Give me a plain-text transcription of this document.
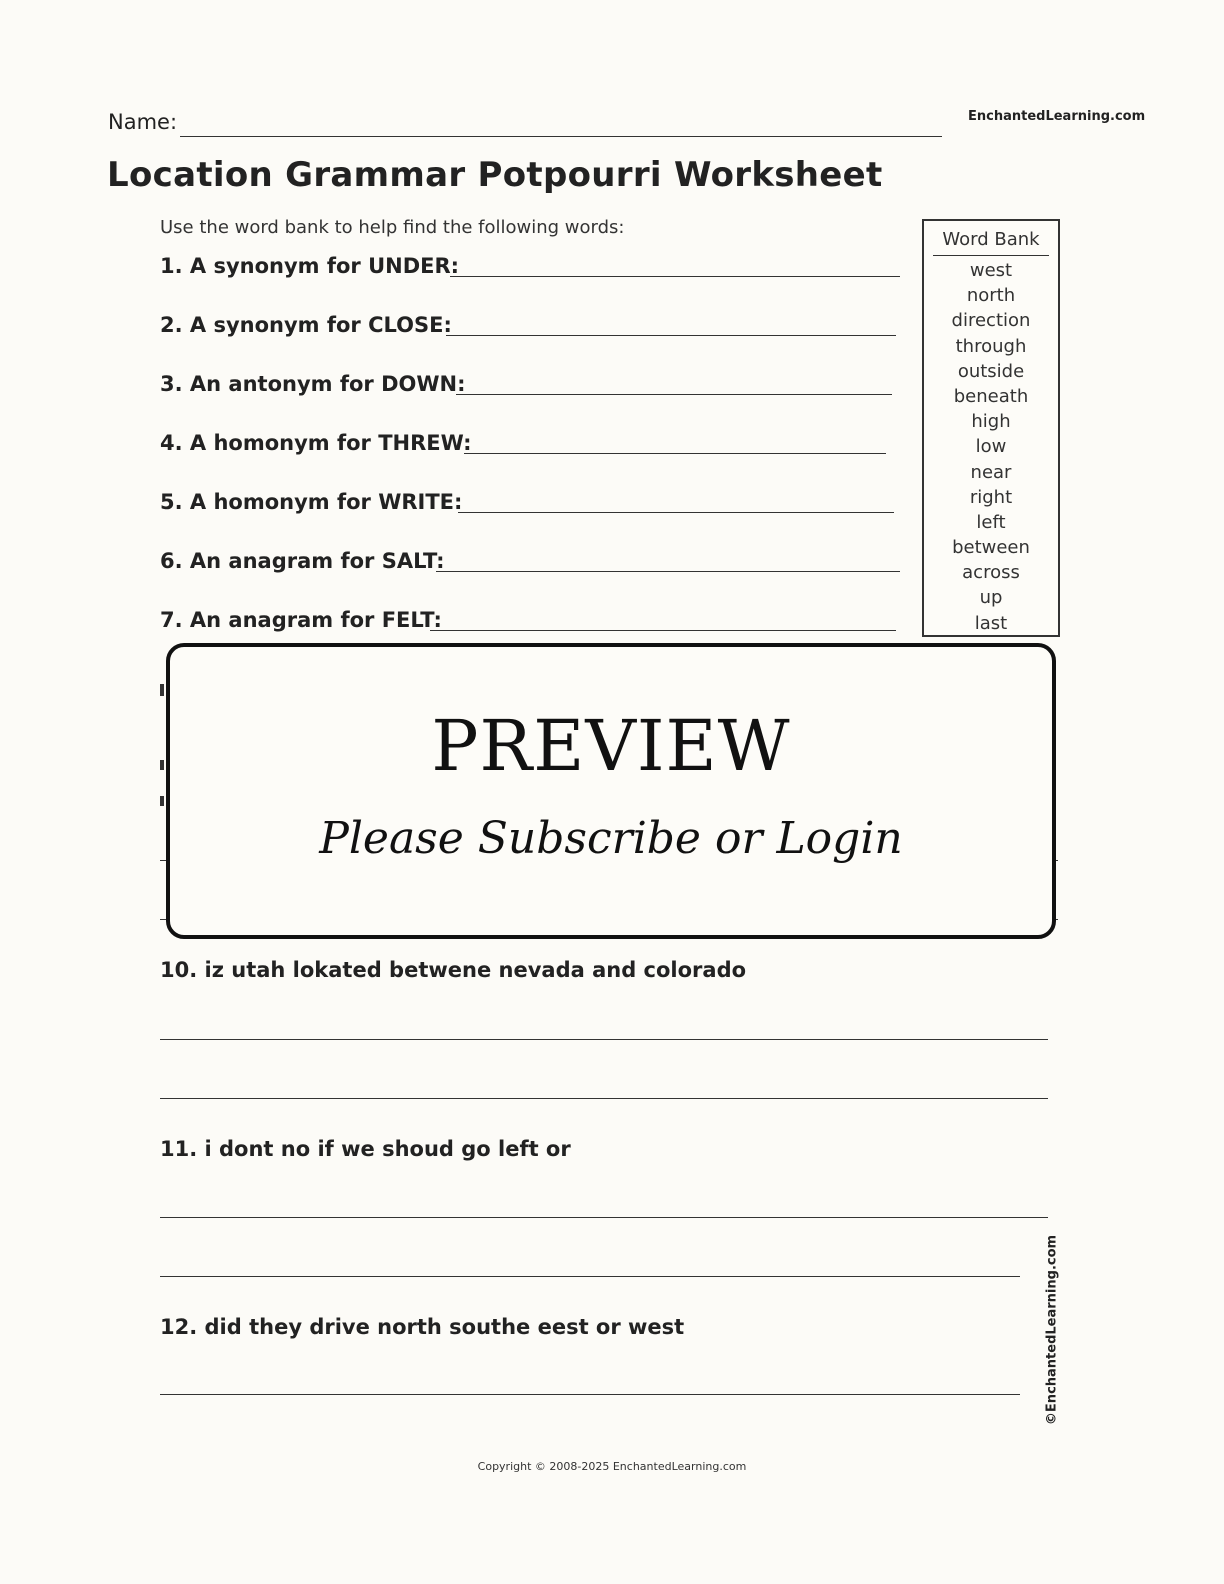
Name:	EnchantedLearning.com
Location Grammar Potpourri Worksheet
Use the word bank to help find the following words:
1. A synonym for UNDER:
2. A synonym for CLOSE:
3. An antonym for DOWN:
4. A homonym for THREW:
5. A homonym for WRITE:
6. An anagram for SALT:
7. An anagram for FELT:
Word Bank
west
north
direction
through
outside
beneath
high
low
near
right
left
between
across
up
last
PREVIEW
Please Subscribe or Login
10. iz utah lokated betwene nevada and colorado
11. i dont no if we shoud go left or
12. did they drive north southe eest or west	©EnchantedLearning.com
Copyright © 2008-2025 EnchantedLearning.com
